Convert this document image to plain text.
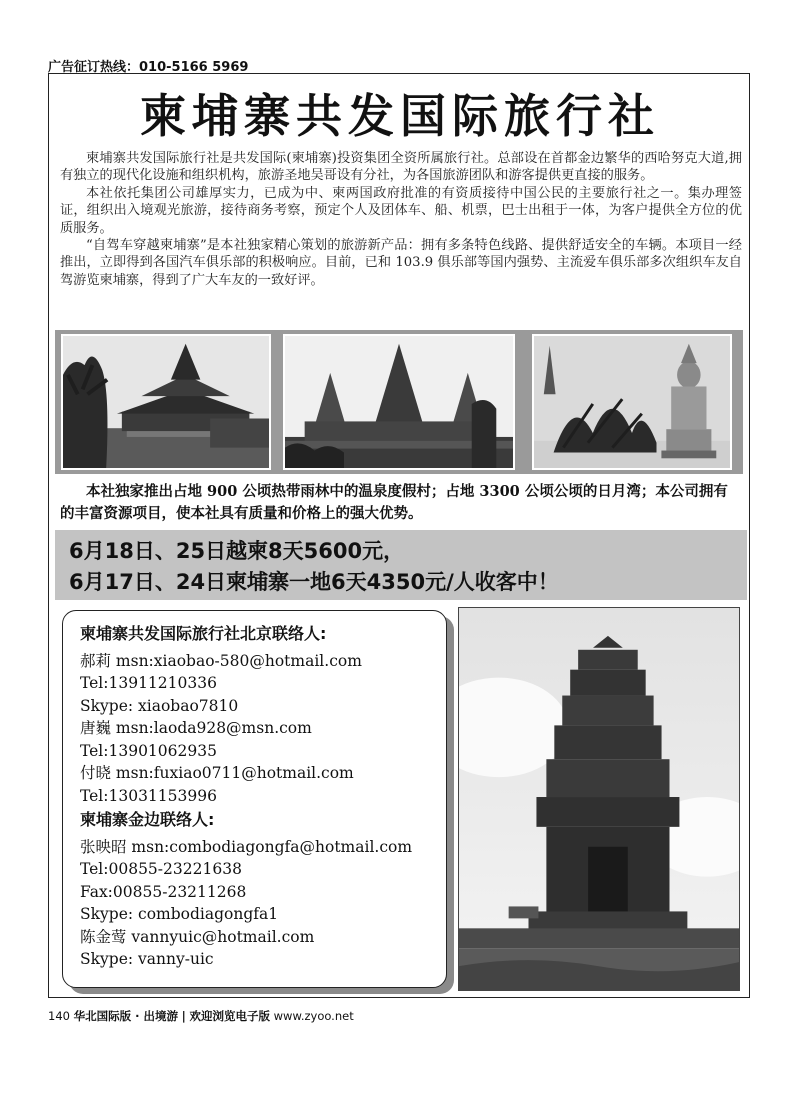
广告征订热线：010-5166 5969
柬埔寨共发国际旅行社

柬埔寨共发国际旅行社是共发国际(柬埔寨)投资集团全资所属旅行社。总部设在首都金边繁华的西哈努克大道,拥有独立的现代化设施和组织机构，旅游圣地吴哥设有分社，为各国旅游团队和游客提供更直接的服务。

本社依托集团公司雄厚实力，已成为中、柬两国政府批准的有资质接待中国公民的主要旅行社之一。集办理签证，组织出入境观光旅游，接待商务考察，预定个人及团体车、船、机票，巴士出租于一体，为客户提供全方位的优质服务。

“自驾车穿越柬埔寨”是本社独家精心策划的旅游新产品：拥有多条特色线路、提供舒适安全的车辆。本项目一经推出，立即得到各国汽车俱乐部的积极响应。目前，已和 103.9 俱乐部等国内强势、主流爱车俱乐部多次组织车友自驾游览柬埔寨，得到了广大车友的一致好评。

本社独家推出占地 900 公顷热带雨林中的温泉度假村；占地 3300 公顷公顷的日月湾；本公司拥有的丰富资源项目，使本社具有质量和价格上的强大优势。

6月18日、25日越柬8天5600元，
6月17日、24日柬埔寨一地6天4350元/人收客中！
柬埔寨共发国际旅行社北京联络人:
郝莉 msn:xiaobao-580@hotmail.com
Tel:13911210336
Skype: xiaobao7810
唐巍 msn:laoda928@msn.com
Tel:13901062935
付晓 msn:fuxiao0711@hotmail.com
Tel:13031153996
柬埔寨金边联络人:
张映昭 msn:combodiagongfa@hotmail.com
Tel:00855-23221638
Fax:00855-23211268
Skype: combodiagongfa1
陈金莺 vannyuic@hotmail.com
Skype: vanny-uic
140 华北国际版 · 出境游 | 欢迎浏览电子版 www.zyoo.net
